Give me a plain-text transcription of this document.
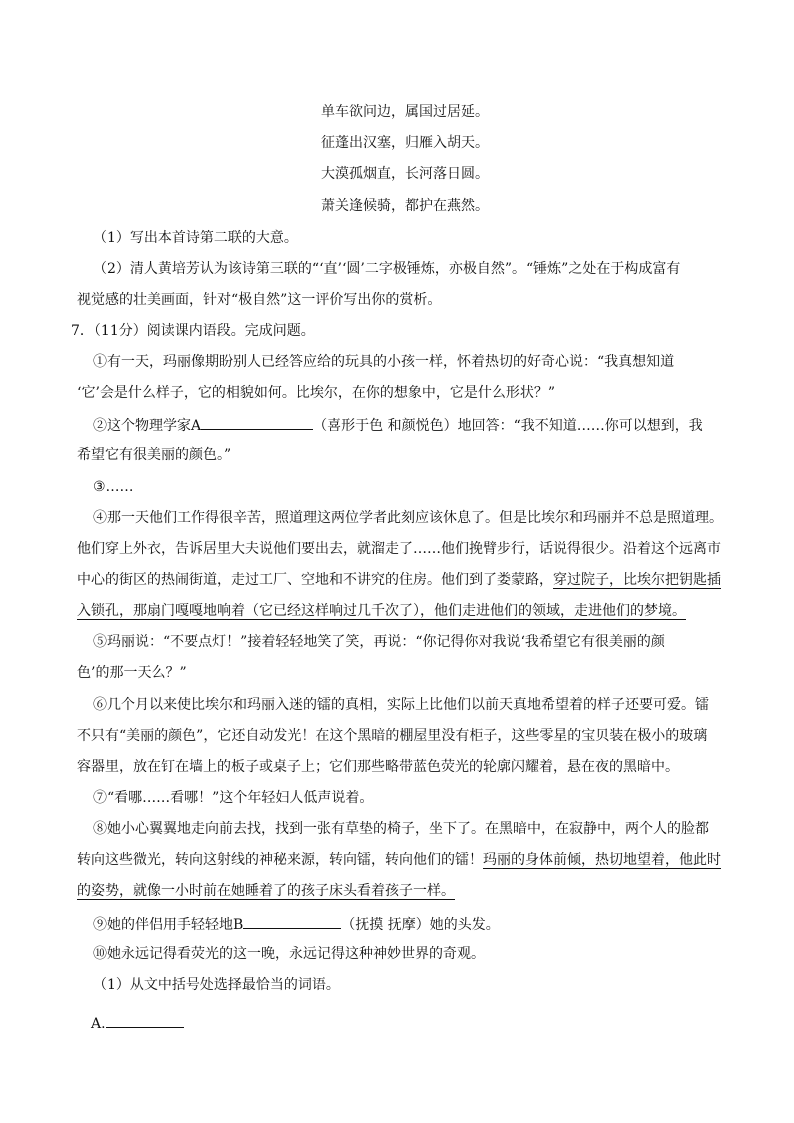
单车欲问边，属国过居延。
征蓬出汉塞，归雁入胡天。
大漠孤烟直，长河落日圆。
萧关逢候骑，都护在燕然。
（1）写出本首诗第二联的大意。
（2）清人黄培芳认为该诗第三联的“‘直’‘圆’二字极锤炼，亦极自然”。“锤炼”之处在于构成富有
视觉感的壮美画面，针对“极自然”这一评价写出你的赏析。
7．（11分）阅读课内语段。完成问题。
①有一天，玛丽像期盼别人已经答应给的玩具的小孩一样，怀着热切的好奇心说：“我真想知道
‘它’会是什么样子，它的相貌如何。比埃尔，在你的想象中，它是什么形状？”
②这个物理学家A	（喜形于色 和颜悦色）地回答：“我不知道……你可以想到，我
希望它有很美丽的颜色。”
③……
④那一天他们工作得很辛苦，照道理这两位学者此刻应该休息了。但是比埃尔和玛丽并不总是照道理。
他们穿上外衣，告诉居里大夫说他们要出去，就溜走了……他们挽臂步行，话说得很少。沿着这个远离市
中心的街区的热闹街道，走过工厂、空地和不讲究的住房。他们到了娄蒙路，穿过院子，比埃尔把钥匙插
入锁孔，那扇门嘎嘎地响着（它已经这样响过几千次了），他们走进他们的领域，走进他们的梦境。
⑤玛丽说：“不要点灯！”接着轻轻地笑了笑，再说：“你记得你对我说‘我希望它有很美丽的颜
色’的那一天么？”
⑥几个月以来使比埃尔和玛丽入迷的镭的真相，实际上比他们以前天真地希望着的样子还要可爱。镭
不只有“美丽的颜色”，它还自动发光！在这个黑暗的棚屋里没有柜子，这些零星的宝贝装在极小的玻璃
容器里，放在钉在墙上的板子或桌子上；它们那些略带蓝色荧光的轮廓闪耀着，悬在夜的黑暗中。
⑦“看哪……看哪！”这个年轻妇人低声说着。
⑧她小心翼翼地走向前去找，找到一张有草垫的椅子，坐下了。在黑暗中，在寂静中，两个人的脸都
转向这些微光，转向这射线的神秘来源，转向镭，转向他们的镭！玛丽的身体前倾，热切地望着，他此时
的姿势，就像一小时前在她睡着了的孩子床头看着孩子一样。
⑨她的伴侣用手轻轻地B	（抚摸 抚摩）她的头发。
⑩她永远记得看荧光的这一晚，永远记得这种神妙世界的奇观。
（1）从文中括号处选择最恰当的词语。
A.
